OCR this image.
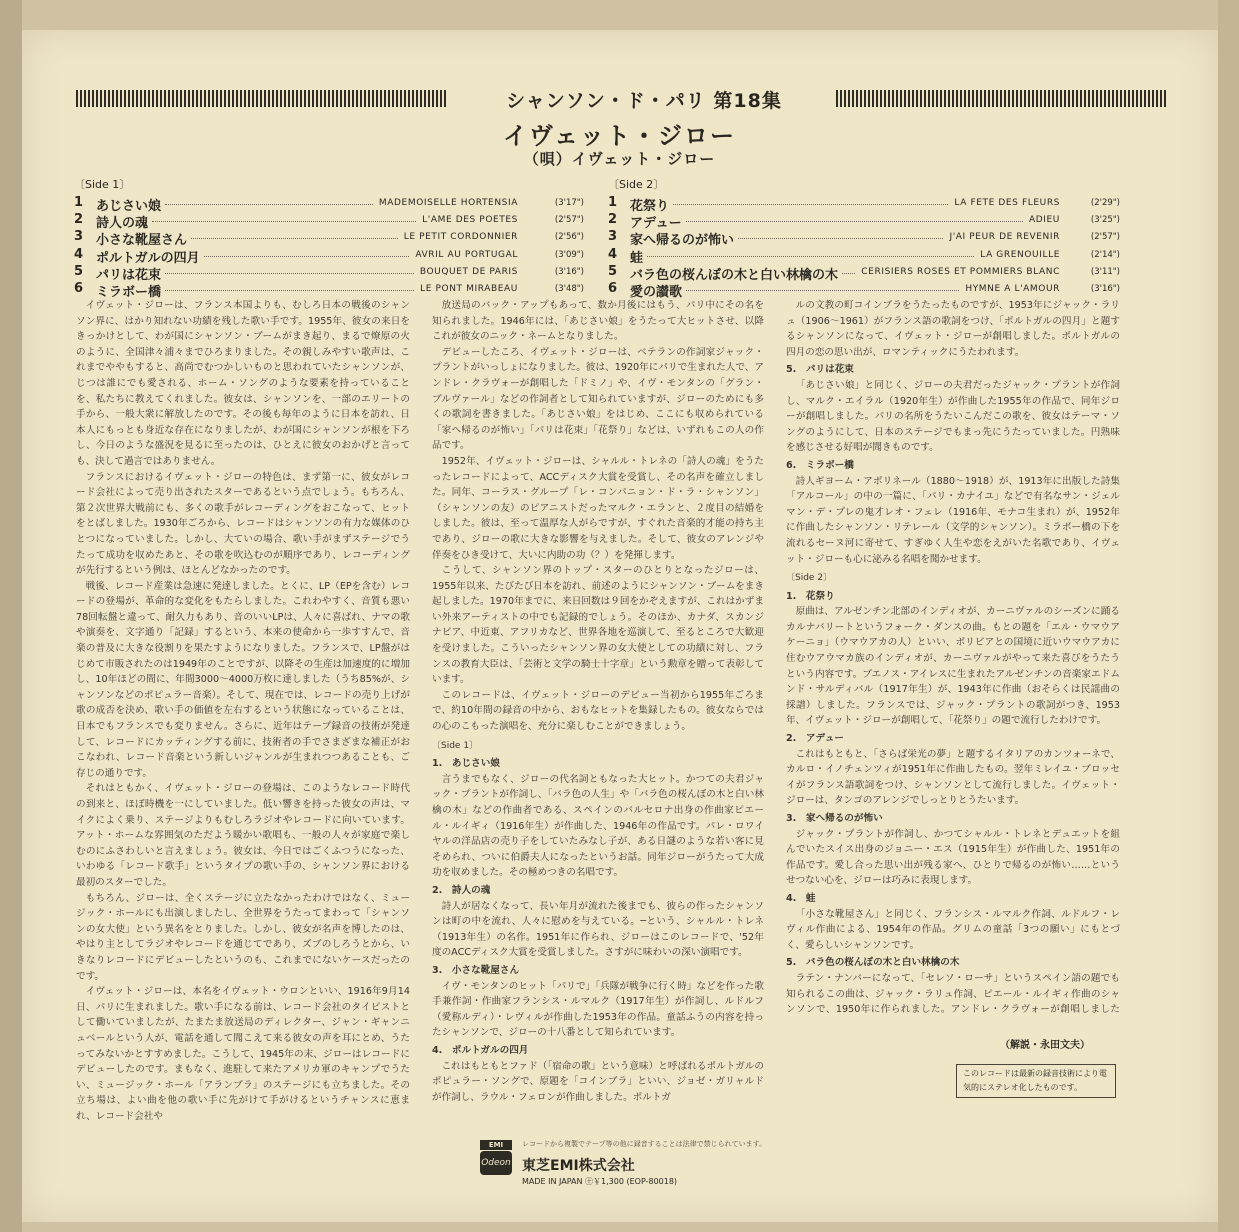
シャンソン・ド・パリ 第18集
イヴェット・ジロー
（唄）イヴェット・ジロー
〔Side 1〕
1 あじさい娘	MADEMOISELLE HORTENSIA	(3'17")
2 詩人の魂	L'AME DES POETES	(2'57")
3 小さな靴屋さん	LE PETIT CORDONNIER	(2'56")
4 ポルトガルの四月	AVRIL AU PORTUGAL	(3'09")
5 パリは花束	BOUQUET DE PARIS	(3'16")
6 ミラボー橋	LE PONT MIRABEAU	(3'48")
〔Side 2〕
1 花祭り	LA FETE DES FLEURS	(2'29")
2 アデュー	ADIEU	(3'25")
3 家へ帰るのが怖い	J'AI PEUR DE REVENIR	(2'57")
4 蛙	LA GRENOUILLE	(2'14")
5 バラ色の桜んぼの木と白い林檎の木	CERISIERS ROSES ET POMMIERS BLANC	(3'11")
6 愛の讃歌	HYMNE A L'AMOUR	(3'16")

イヴェット・ジローは、フランス本国よりも、むしろ日本の戦後のシャンソン界に、はかり知れない功績を残した歌い手です。1955年、彼女の来日をきっかけとして、わが国にシャンソン・ブームがまき起り、まるで燎原の火のように、全国津々浦々までひろまりました。その親しみやすい歌声は、これまでややもすると、高尚でむつかしいものと思われていたシャンソンが、じつは誰にでも愛される、ホーム・ソングのような要素を持っていることを、私たちに教えてくれました。彼女は、シャンソンを、一部のエリートの手から、一般大衆に解放したのです。その後も毎年のように日本を訪れ、日本人にもっとも身近な存在になりましたが、わが国にシャンソンが根を下ろし、今日のような盛況を見るに至ったのは、ひとえに彼女のおかげと言っても、決して過言ではありません。

フランスにおけるイヴェット・ジローの特色は、まず第一に、彼女がレコード会社によって売り出されたスターであるという点でしょう。もちろん、第２次世界大戦前にも、多くの歌手がレコーディングをおこなって、ヒットをとばしました。1930年ごろから、レコードはシャンソンの有力な媒体のひとつになっていました。しかし、大ていの場合、歌い手がまずステージでうたって成功を収めたあと、その歌を吹込むのが順序であり、レコーディングが先行するという例は、ほとんどなかったのです。

戦後、レコード産業は急速に発達しました。とくに、LP（EPを含む）レコードの登場が、革命的な変化をもたらしました。これわやすく、音質も悪い78回転盤と違って、耐久力もあり、音のいいLPは、人々に喜ばれ、ナマの歌や演奏を、文字通り「記録」するという、本来の使命から一歩すすんで、音楽の普及に大きな役割りを果たすようになりました。フランスで、LP盤がはじめて市販されたのは1949年のことですが、以降その生産は加速度的に増加し、10年ほどの間に、年間3000〜4000万枚に達しました（うち85%が、シャンソンなどのポピュラー音楽）。そして、現在では、レコードの売り上げが歌の成否を決め、歌い手の価値を左右するという状態になっていることは、日本でもフランスでも変りません。さらに、近年はテープ録音の技術が発達して、レコードにカッティングする前に、技術者の手でさまざまな補正がおこなわれ、レコード音楽という新しいジャンルが生まれつつあることも、ご存じの通りです。

それはともかく、イヴェット・ジローの登場は、このようなレコード時代の到来と、ほぼ時機を一にしていました。低い響きを持った彼女の声は、マイクによく乗り、ステージよりもむしろラジオやレコードに向いています。アット・ホームな雰囲気のただよう暖かい歌唱も、一般の人々が家庭で楽しむのにふさわしいと言えましょう。彼女は、今日ではごくふつうになった、いわゆる「レコード歌手」というタイプの歌い手の、シャンソン界における最初のスターでした。

もちろん、ジローは、全くステージに立たなかったわけではなく、ミュージック・ホールにも出演しましたし、全世界をうたってまわって「シャンソンの女大使」という異名をとりました。しかし、彼女が名声を博したのは、やはり主としてラジオやレコードを通じてであり、ズブのしろうとから、いきなりレコードにデビューしたというのも、これまでにないケースだったのです。

イヴェット・ジローは、本名をイヴェット・ウロンといい、1916年9月14日、パリに生まれました。歌い手になる前は、レコード会社のタイピストとして働いていましたが、たまたま放送局のディレクター、ジャン・ギャンニュベールという人が、電話を通して聞こえて来る彼女の声を耳にとめ、うたってみないかとすすめました。こうして、1945年の末、ジローはレコードにデビューしたのです。まもなく、進駐して来たアメリカ軍のキャンプでうたい、ミュージック・ホール「アランブラ」のステージにも立ちました。その立ち場は、よい曲を他の歌い手に先がけて手がけるというチャンスに恵まれ、レコード会社や

放送局のバック・アップもあって、数か月後にはもう、パリ中にその名を知られました。1946年には、「あじさい娘」をうたって大ヒットさせ、以降これが彼女のニック・ネームとなりました。

デビューしたころ、イヴェット・ジローは、ベテランの作詞家ジャック・プラントがいっしょになりました。彼は、1920年にパリで生まれた人で、アンドレ・クラヴォーが創唱した「ドミノ」や、イヴ・モンタンの「グラン・ブルヴァール」などの作詞者として知られていますが、ジローのためにも多くの歌詞を書きました。「あじさい娘」をはじめ、ここにも収められている「家へ帰るのが怖い」「パリは花束」「花祭り」などは、いずれもこの人の作品です。

1952年、イヴェット・ジローは、シャルル・トレネの「詩人の魂」をうたったレコードによって、ACCディスク大賞を受賞し、その名声を確立しました。同年、コーラス・グループ「レ・コンパニョン・ド・ラ・シャンソン」（シャンソンの友）のピアニストだったマルク・エランと、２度目の結婚をしました。彼は、至って温厚な人がらですが、すぐれた音楽的才能の持ち主であり、ジローの歌に大きな影響を与えました。そして、彼女のアレンジや伴奏をひき受けて、大いに内助の功（？）を発揮します。

こうして、シャンソン界のトップ・スターのひとりとなったジローは、1955年以来、たびたび日本を訪れ、前述のようにシャンソン・ブームをまき起しました。1970年までに、来日回数は９回をかぞえますが、これはかずまい外来アーティストの中でも記録的でしょう。そのほか、カナダ、スカンジナビア、中近東、アフリカなど、世界各地を巡演して、至るところで大歓迎を受けました。こういったシャンソン界の女大使としての功績に対し、フランスの教育大臣は、「芸術と文学の騎士十字章」という勲章を贈って表彰しています。

このレコードは、イヴェット・ジローのデビュー当初から1955年ごろまで、約10年間の録音の中から、おもなヒットを集録したもの。彼女ならではの心のこもった演唱を、充分に楽しむことができましょう。

〔Side 1〕

1.　あじさい娘

言うまでもなく、ジローの代名詞ともなった大ヒット。かつての夫君ジャック・プラントが作詞し、「バラ色の人生」や「バラ色の桜んぼの木と白い林檎の木」などの作曲者である、スペインのバルセロナ出身の作曲家ピエール・ルイギィ（1916年生）が作曲した、1946年の作品です。パレ・ロワイヤルの洋品店の売り子をしていたみなし子が、ある日謎のような若い客に見そめられ、ついに伯爵夫人になったというお話。同年ジローがうたって大成功を収めました。その極めつきの名唱です。

2.　詩人の魂

詩人が居なくなって、長い年月が流れた後までも、彼らの作ったシャンソンは町の中を流れ、人々に慰めを与えている。─という、シャルル・トレネ（1913年生）の名作。1951年に作られ、ジローはこのレコードで、'52年度のACCディスク大賞を受賞しました。さすがに味わいの深い演唱です。

3.　小さな靴屋さん

イヴ・モンタンのヒット「パリで」「兵隊が戦争に行く時」などを作った歌手兼作詞・作曲家フランシス・ルマルク（1917年生）が作詞し、ルドルフ（愛称ルディ）・レヴィルが作曲した1953年の作品。童話ふうの内容を持ったシャンソンで、ジローの十八番として知られています。

4.　ポルトガルの四月

これはもともとファド（「宿命の歌」という意味）と呼ばれるポルトガルのポピュラー・ソングで、原題を「コインブラ」といい、ジョゼ・ガリャルドが作詞し、ラウル・フェロンが作曲しました。ポルトガ

ルの文教の町コインブラをうたったものですが、1953年にジャック・ラリュ（1906〜1961）がフランス語の歌詞をつけ、「ポルトガルの四月」と題するシャンソンになって、イヴェット・ジローが創唱しました。ポルトガルの四月の恋の思い出が、ロマンティックにうたわれます。

5.　パリは花束

「あじさい娘」と同じく、ジローの夫君だったジャック・プラントが作詞し、マルク・エイラル（1920年生）が作曲した1955年の作品で、同年ジローが創唱しました。パリの名所をうたいこんだこの歌を、彼女はテーマ・ソングのようにして、日本のステージでもまっ先にうたっていました。円熟味を感じさせる好唱が聞きものです。

6.　ミラボー橋

詩人ギヨーム・アポリネール（1880〜1918）が、1913年に出版した詩集「アルコール」の中の一篇に、「パリ・カナイユ」などで有名なサン・ジェルマン・デ・プレの鬼才レオ・フェレ（1916年、モナコ生まれ）が、1952年に作曲したシャンソン・リテレール（文学的シャンソン）。ミラボー橋の下を流れるセーヌ河に寄せて、すぎゆく人生や恋をえがいた名歌であり、イヴェット・ジローも心に泌みる名唱を聞かせます。

〔Side 2〕

1.　花祭り

原曲は、アルゼンチン北部のインディオが、カーニヴァルのシーズンに踊るカルナバリートというフォーク・ダンスの曲。もとの題を「エル・ウマウアケーニョ」（ウマウアカの人）といい、ボリビアとの国境に近いウマウアカに住むウアウマカ族のインディオが、カーニヴァルがやって来た喜びをうたうという内容です。ブエノス・アイレスに生まれたアルゼンチンの音楽家エドムンド・サルディバル（1917年生）が、1943年に作曲（おそらくは民謡曲の採譜）しました。フランスでは、ジャック・プラントの歌詞がつき、1953年、イヴェット・ジローが創唱して、「花祭り」の題で流行したわけです。

2.　アデュー

これはもともと、「さらば栄光の夢」と題するイタリアのカンツォーネで、カルロ・イノチェンツィが1951年に作曲したもの。翌年ミレイユ・ブロッセイがフランス語歌詞をつけ、シャンソンとして流行しました。イヴェット・ジローは、タンゴのアレンジでしっとりとうたいます。

3.　家へ帰るのが怖い

ジャック・プラントが作詞し、かつてシャルル・トレネとデュエットを組んでいたスイス出身のジョニー・エス（1915年生）が作曲した、1951年の作品です。愛し合った思い出が残る家へ、ひとりで帰るのが怖い……というせつない心を、ジローは巧みに表現します。

4.　蛙

「小さな靴屋さん」と同じく、フランシス・ルマルク作詞、ルドルフ・レヴィル作曲による、1954年の作品。グリムの童話「3つの願い」にもとづく、愛らしいシャンソンです。

5.　バラ色の桜んぼの木と白い林檎の木

ラテン・ナンバーになって、「セレソ・ローサ」というスペイン語の題でも知られるこの曲は、ジャック・ラリュ作詞、ピエール・ルイギィ作曲のシャンソンで、1950年に作られました。アンドレ・クラヴォーが創唱しました

（解説・永田文夫）
このレコードは最新の録音技術により電気的にステレオ化したものです。
EMI
Odeon
レコードから複製でテープ等の他に録音することは法律で禁じられています。
東芝EMI株式会社
MADE IN JAPAN ㊉￥1,300 (EOP-80018)
